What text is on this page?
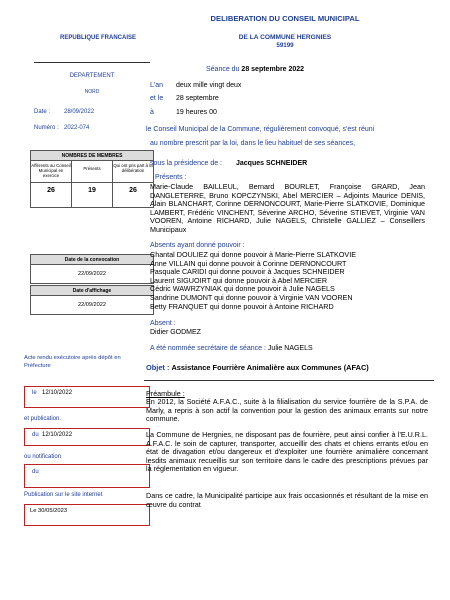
DELIBERATION DU CONSEIL MUNICIPAL
REPUBLIQUE FRANCAISE	DE LA COMMUNE HERGNIES
59199
DEPARTEMENT
NORD
Date : 28/09/2022
Numéro : 2022-074
NOMBRES DE MEMBRES
Afférents au Conseil Municipal en exercice
26
Présents
19
Qui ont pris part à la délibération
26
Date de la convocation
22/09/2022
Date d'affichage
22/09/2022
Acte rendu exécutoire après dépôt en Préfecture
le 12/10/2022
et publication.
du 12/10/2022
ou notification
du
Publication sur le site internet
Le 30/05/2023
Séance du 28 septembre 2022
L'an deux mille vingt deux
et le 28 septembre
à	19 heures 00
le Conseil Municipal de la Commune, régulièrement convoqué, s'est réuni
au nombre prescrit par la loi, dans le lieu habituel de ses séances,
sous la présidence de : Jacques SCHNEIDER
Présents :
Marie-Claude BAILLEUL, Bernard BOURLET, Françoise GRARD, Jean DANGLETERRE, Bruno KOPCZYNSKI, Abel MERCIER – Adjoints Maurice DENIS, Alain BLANCHART, Corinne DERNONCOURT, Marie-Pierre SLATKOVIE, Dominique LAMBERT, Frédéric VINCHENT, Séverine ARCHO, Séverine STIEVET, Virginie VAN VOOREN, Antoine RICHARD, Julie NAGELS, Christelle GALLIEZ – Conseillers Municipaux
Absents ayant donné pouvoir :
Chantal DOULIEZ qui donne pouvoir à Marie-Pierre SLATKOVIE
Anne VILLAIN qui donne pouvoir à Corinne DERNONCOURT
Pasquale CARIDI qui donne pouvoir à Jacques SCHNEIDER
Laurent SIGUOIRT qui donne pouvoir à Abel MERCIER
Cédric WAWRZYNIAK qui donne pouvoir à Julie NAGELS
Sandrine DUMONT qui donne pouvoir à Virginie VAN VOOREN
Betty FRANQUET qui donne pouvoir à Antoine RICHARD
Absent :
Didier GODMEZ
A été nommée secrétaire de séance : Julie NAGELS
Objet : Assistance Fourrière Animalière aux Communes (AFAC)
Préambule :
En 2012, la Société A.F.A.C., suite à la filialisation du service fourrière de la S.P.A. de Marly, a repris à son actif la convention pour la gestion des animaux errants sur notre commune.
La Commune de Hergnies, ne disposant pas de fourrière, peut ainsi confier à l'E.U.R.L. A.F.A.C. le soin de capturer, transporter, accueillir des chats et chiens errants et/ou en état de divagation et/ou dangereux et d'exploiter une fourrière animalière concernant lesdits animaux recueillis sur son territoire dans le cadre des prescriptions prévues par la réglementation en vigueur.
Dans ce cadre, la Municipalité participe aux frais occasionnés et résultant de la mise en œuvre du contrat
